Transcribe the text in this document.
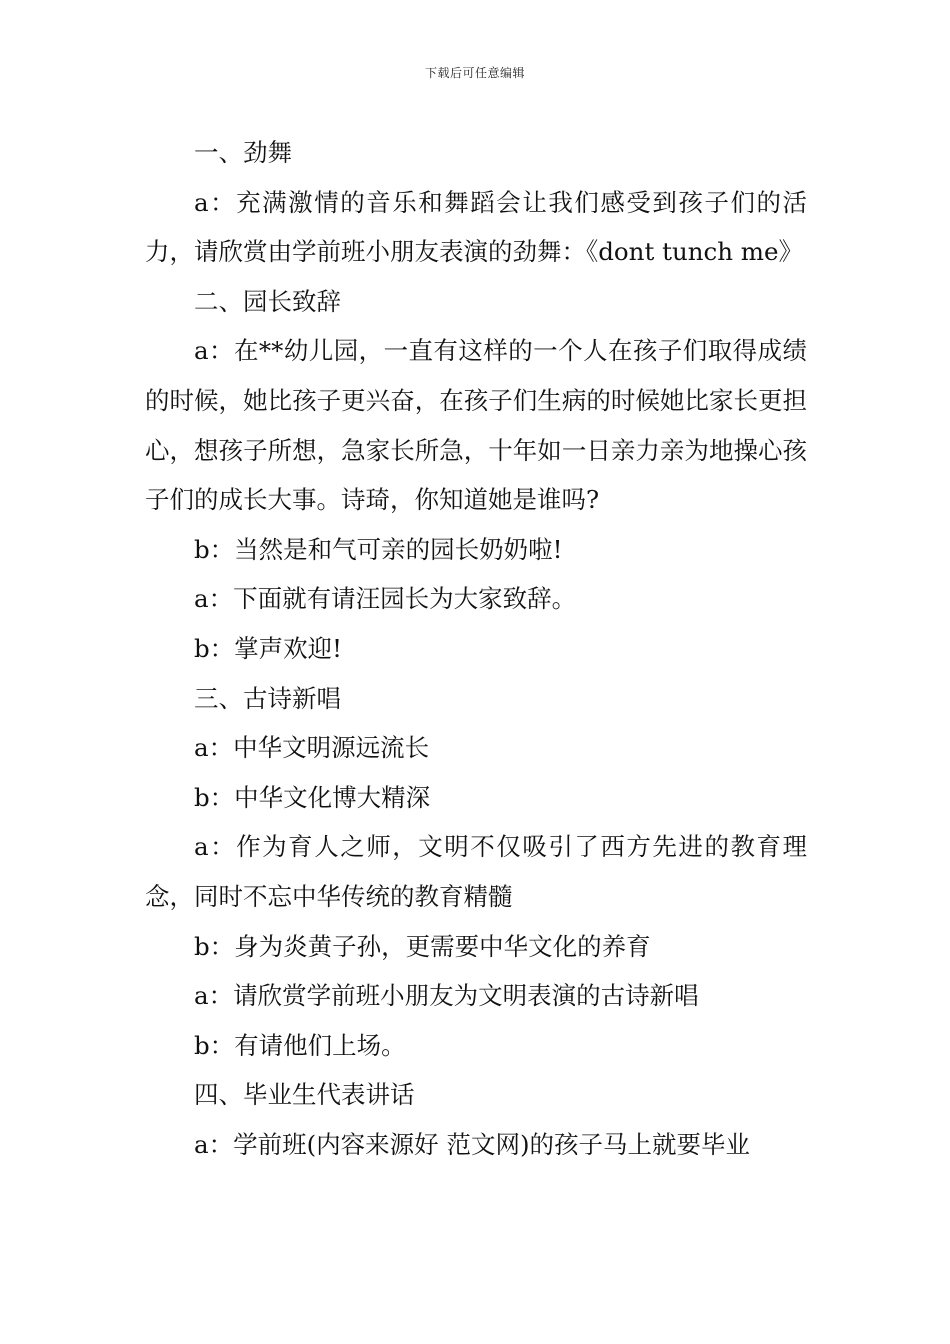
下载后可任意编辑

一、劲舞

a：充满激情的音乐和舞蹈会让我们感受到孩子们的活力，请欣赏由学前班小朋友表演的劲舞：《dont tunch me》

二、园长致辞

a：在**幼儿园，一直有这样的一个人在孩子们取得成绩的时候，她比孩子更兴奋，在孩子们生病的时候她比家长更担心，想孩子所想，急家长所急，十年如一日亲力亲为地操心孩子们的成长大事。诗琦，你知道她是谁吗?

b：当然是和气可亲的园长奶奶啦!

a：下面就有请汪园长为大家致辞。

b：掌声欢迎!

三、古诗新唱

a：中华文明源远流长

b：中华文化博大精深

a：作为育人之师，文明不仅吸引了西方先进的教育理念，同时不忘中华传统的教育精髓

b：身为炎黄子孙，更需要中华文化的养育

a：请欣赏学前班小朋友为文明表演的古诗新唱

b：有请他们上场。

四、毕业生代表讲话

a：学前班(内容来源好 范文网)的孩子马上就要毕业
